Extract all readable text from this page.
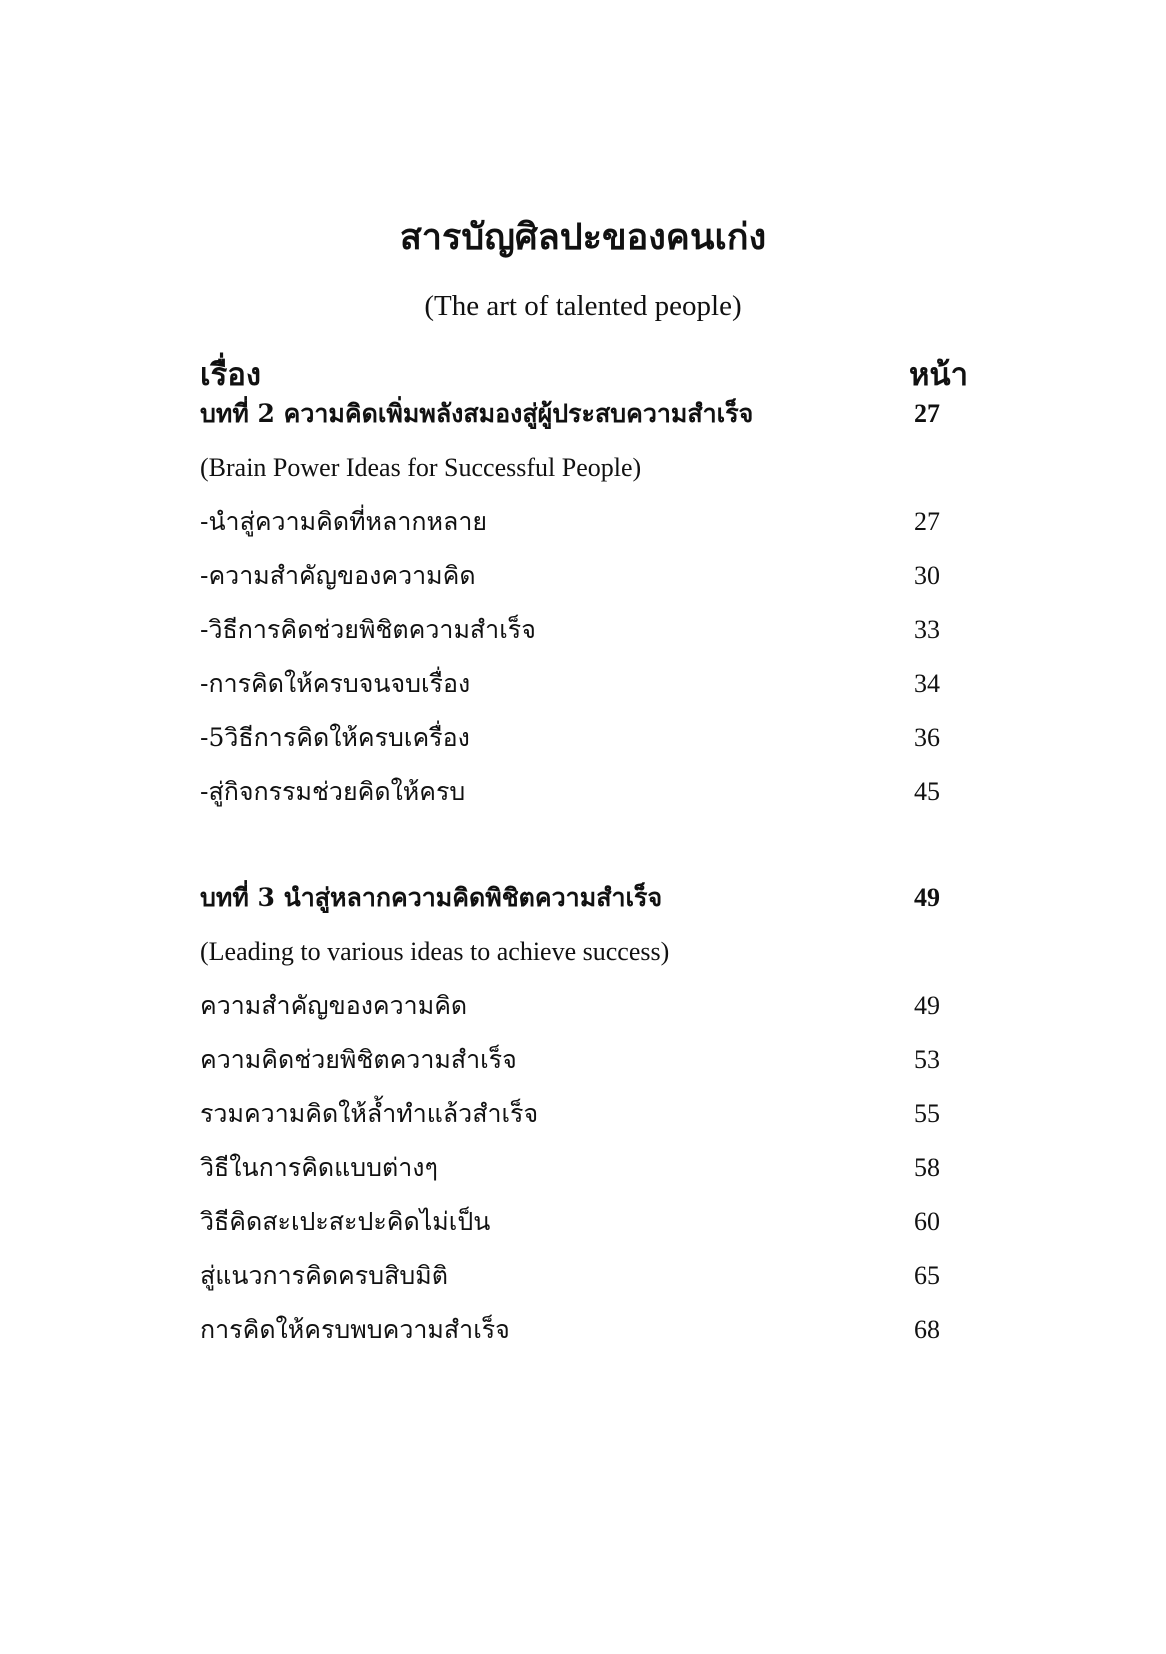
สารบัญศิลปะของคนเก่ง
(The art of talented people)
เรื่อง	หน้า
บทที่ 2 ความคิดเพิ่มพลังสมองสู่ผู้ประสบความสำเร็จ	27
(Brain Power Ideas for Successful People)
-นำสู่ความคิดที่หลากหลาย	27
-ความสำคัญของความคิด	30
-วิธีการคิดช่วยพิชิตความสำเร็จ	33
-การคิดให้ครบจนจบเรื่อง	34
-5วิธีการคิดให้ครบเครื่อง	36
-สู่กิจกรรมช่วยคิดให้ครบ	45
บทที่ 3 นำสู่หลากความคิดพิชิตความสำเร็จ	49
(Leading to various ideas to achieve success)
ความสำคัญของความคิด	49
ความคิดช่วยพิชิตความสำเร็จ	53
รวมความคิดให้ล้ำทำแล้วสำเร็จ	55
วิธีในการคิดแบบต่างๆ	58
วิธีคิดสะเปะสะปะคิดไม่เป็น	60
สู่แนวการคิดครบสิบมิติ	65
การคิดให้ครบพบความสำเร็จ	68
